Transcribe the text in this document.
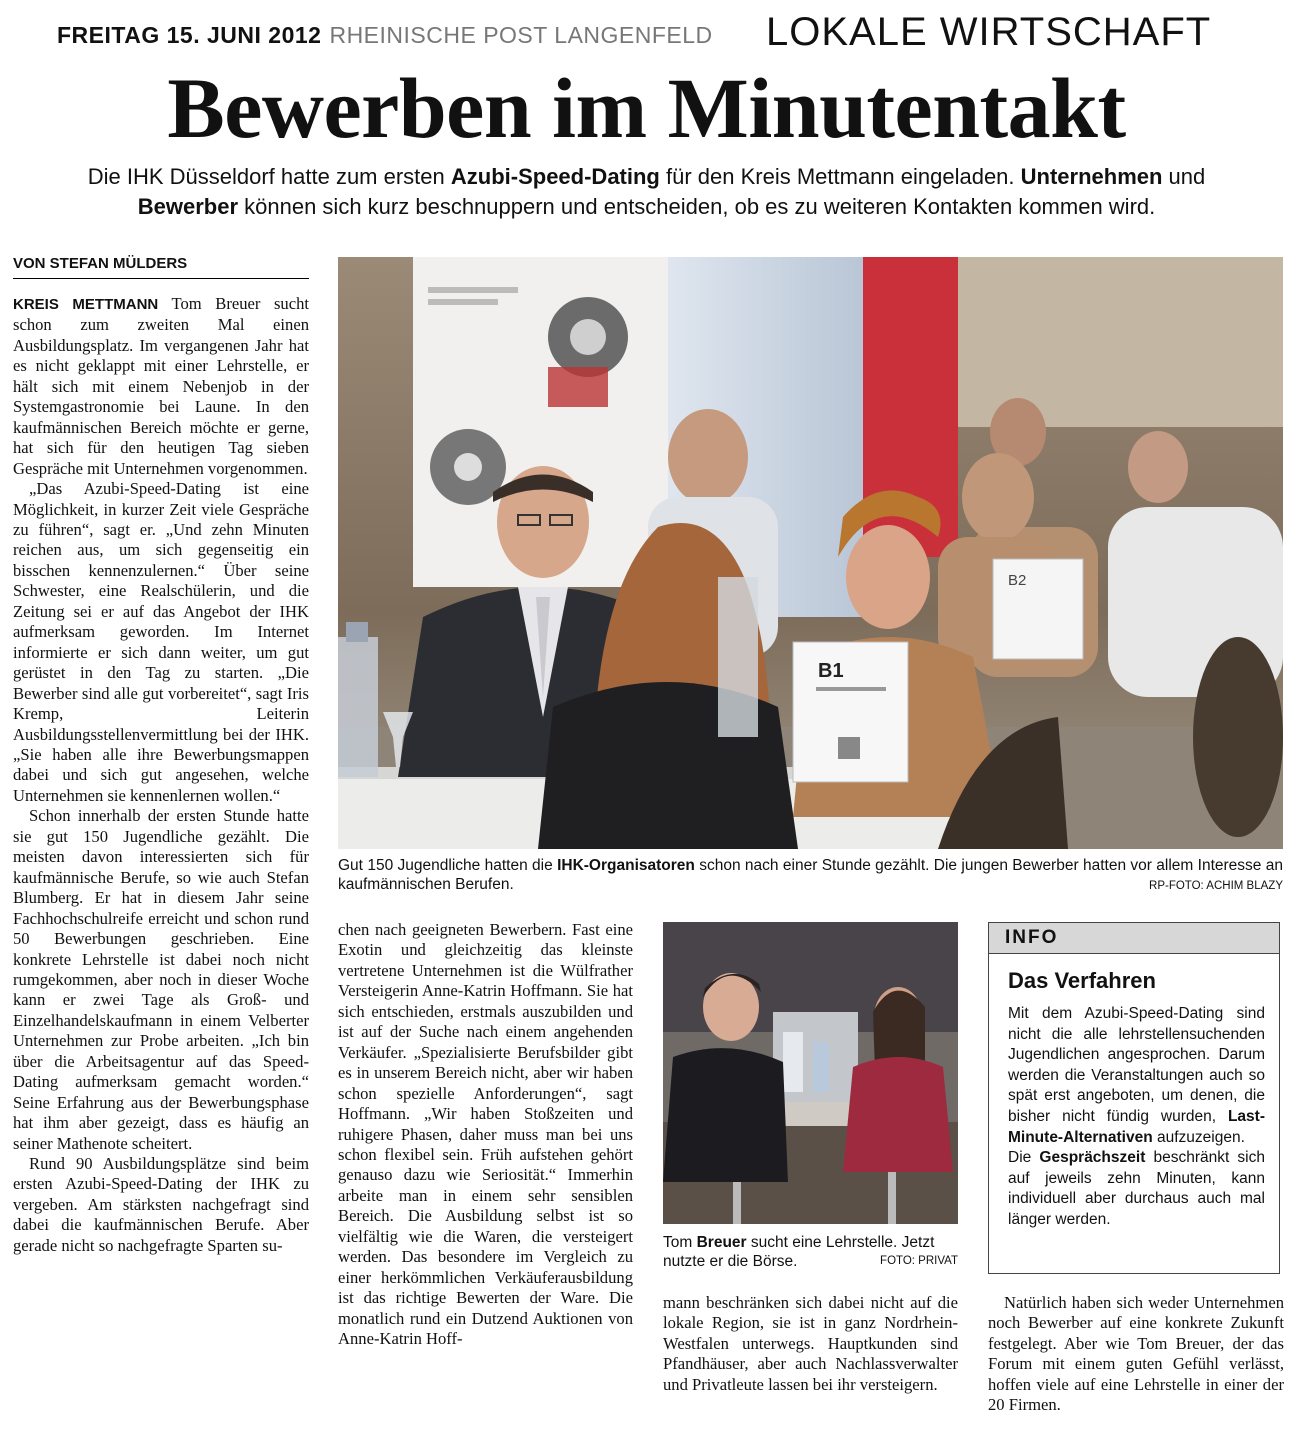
FREITAG 15. JUNI 2012 RHEINISCHE POST LANGENFELD LOKALE WIRTSCHAFT
Bewerben im Minutentakt
Die IHK Düsseldorf hatte zum ersten Azubi-Speed-Dating für den Kreis Mettmann eingeladen. Unternehmen und Bewerber können sich kurz beschnuppern und entscheiden, ob es zu weiteren Kontakten kommen wird.
VON STEFAN MÜLDERS

KREIS METTMANN Tom Breuer sucht schon zum zweiten Mal einen Ausbildungsplatz. Im vergangenen Jahr hat es nicht geklappt mit einer Lehrstelle, er hält sich mit einem Nebenjob in der Systemgastronomie bei Laune. In den kaufmännischen Bereich möchte er gerne, hat sich für den heutigen Tag sieben Gespräche mit Unternehmen vorgenommen.

„Das Azubi-Speed-Dating ist eine Möglichkeit, in kurzer Zeit viele Gespräche zu führen“, sagt er. „Und zehn Minuten reichen aus, um sich gegenseitig ein bisschen kennenzulernen.“ Über seine Schwester, eine Realschülerin, und die Zeitung sei er auf das Angebot der IHK aufmerksam geworden. Im Internet informierte er sich dann weiter, um gut gerüstet in den Tag zu starten. „Die Bewerber sind alle gut vorbereitet“, sagt Iris Kremp, Leiterin Ausbildungsstellenvermittlung bei der IHK. „Sie haben alle ihre Bewerbungsmappen dabei und sich gut angesehen, welche Unternehmen sie kennenlernen wollen.“

Schon innerhalb der ersten Stunde hatte sie gut 150 Jugendliche gezählt. Die meisten davon interessierten sich für kaufmännische Berufe, so wie auch Stefan Blumberg. Er hat in diesem Jahr seine Fachhochschulreife erreicht und schon rund 50 Bewerbungen geschrieben. Eine konkrete Lehrstelle ist dabei noch nicht rumgekommen, aber noch in dieser Woche kann er zwei Tage als Groß- und Einzelhandelskaufmann in einem Velberter Unternehmen zur Probe arbeiten. „Ich bin über die Arbeitsagentur auf das Speed-Dating aufmerksam gemacht worden.“ Seine Erfahrung aus der Bewerbungsphase hat ihm aber gezeigt, dass es häufig an seiner Mathenote scheitert.

Rund 90 Ausbildungsplätze sind beim ersten Azubi-Speed-Dating der IHK zu vergeben. Am stärksten nachgefragt sind dabei die kaufmännischen Berufe. Aber gerade nicht so nachgefragte Sparten su-

chen nach geeigneten Bewerbern. Fast eine Exotin und gleichzeitig das kleinste vertretene Unternehmen ist die Wülfrather Versteigerin Anne-Katrin Hoffmann. Sie hat sich entschieden, erstmals auszubilden und ist auf der Suche nach einem angehenden Verkäufer. „Spezialisierte Berufsbilder gibt es in unserem Bereich nicht, aber wir haben schon spezielle Anforderungen“, sagt Hoffmann. „Wir haben Stoßzeiten und ruhigere Phasen, daher muss man bei uns schon flexibel sein. Früh aufstehen gehört genauso dazu wie Seriosität.“ Immerhin arbeite man in einem sehr sensiblen Bereich. Die Ausbildung selbst ist so vielfältig wie die Waren, die versteigert werden. Das besondere im Vergleich zu einer herkömmlichen Verkäuferausbildung ist das richtige Bewerten der Ware. Die monatlich rund ein Dutzend Auktionen von Anne-Katrin Hoff-

mann beschränken sich dabei nicht auf die lokale Region, sie ist in ganz Nordrhein-Westfalen unterwegs. Hauptkunden sind Pfandhäuser, aber auch Nachlassverwalter und Privatleute lassen bei ihr versteigern.

Natürlich haben sich weder Unternehmen noch Bewerber auf eine konkrete Zukunft festgelegt. Aber wie Tom Breuer, der das Forum mit einem guten Gefühl verlässt, hoffen viele auf eine Lehrstelle in einer der 20 Firmen.

B1
B2
Gut 150 Jugendliche hatten die IHK-Organisatoren schon nach einer Stunde gezählt. Die jungen Bewerber hatten vor allem Interesse an kaufmännischen Berufen.	RP-FOTO: ACHIM BLAZY
Tom Breuer sucht eine Lehrstelle. Jetzt nutzte er die Börse.	FOTO: PRIVAT
INFO
Das Verfahren

Mit dem Azubi-Speed-Dating sind nicht die alle lehrstellensuchenden Jugendlichen angesprochen. Darum werden die Veranstaltungen auch so spät erst angeboten, um denen, die bisher nicht fündig wurden, Last-Minute-Alternativen aufzuzeigen.

Die Gesprächszeit beschränkt sich auf jeweils zehn Minuten, kann individuell aber durchaus auch mal länger werden.
